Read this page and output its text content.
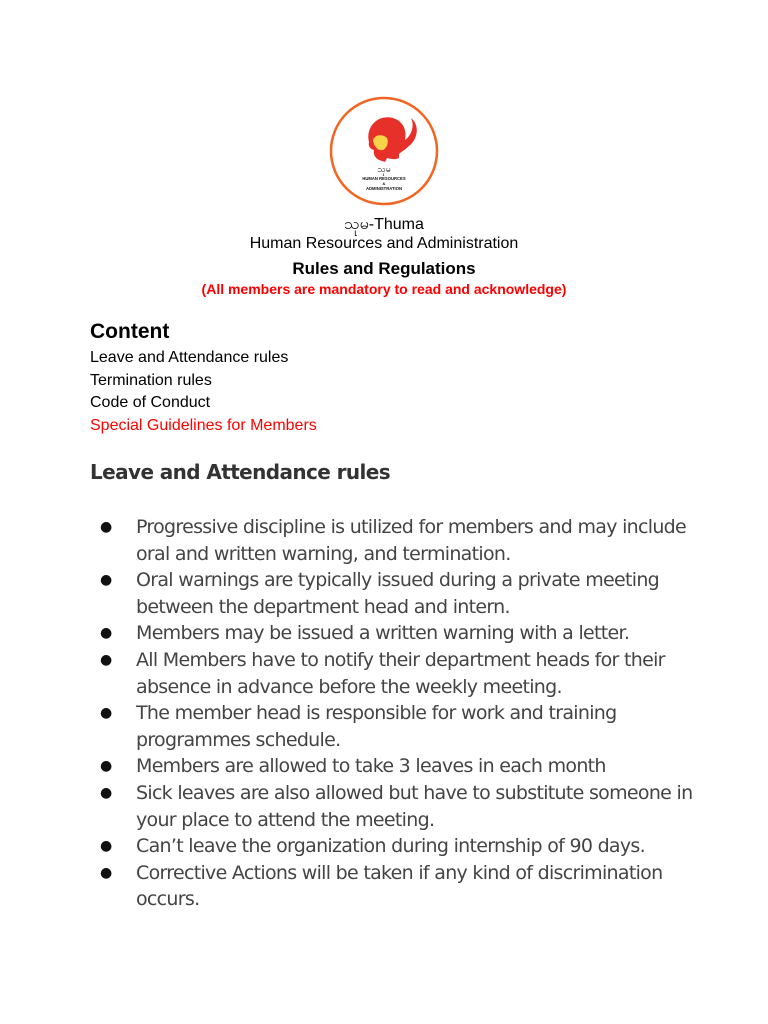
သုမ
HUMAN RESOURCES
&
ADMINISTRATION
သုမ-Thuma
Human Resources and Administration
Rules and Regulations
(All members are mandatory to read and acknowledge)
Content
Leave and Attendance rules
Termination rules
Code of Conduct
Special Guidelines for Members
Leave and Attendance rules
● Progressive discipline is utilized for members and may include oral and written warning, and termination.
● Oral warnings are typically issued during a private meeting between the department head and intern.
● Members may be issued a written warning with a letter.
● All Members have to notify their department heads for their absence in advance before the weekly meeting.
● The member head is responsible for work and training programmes schedule.
● Members are allowed to take 3 leaves in each month
● Sick leaves are also allowed but have to substitute someone in your place to attend the meeting.
● Can’t leave the organization during internship of 90 days.
● Corrective Actions will be taken if any kind of discrimination occurs.
